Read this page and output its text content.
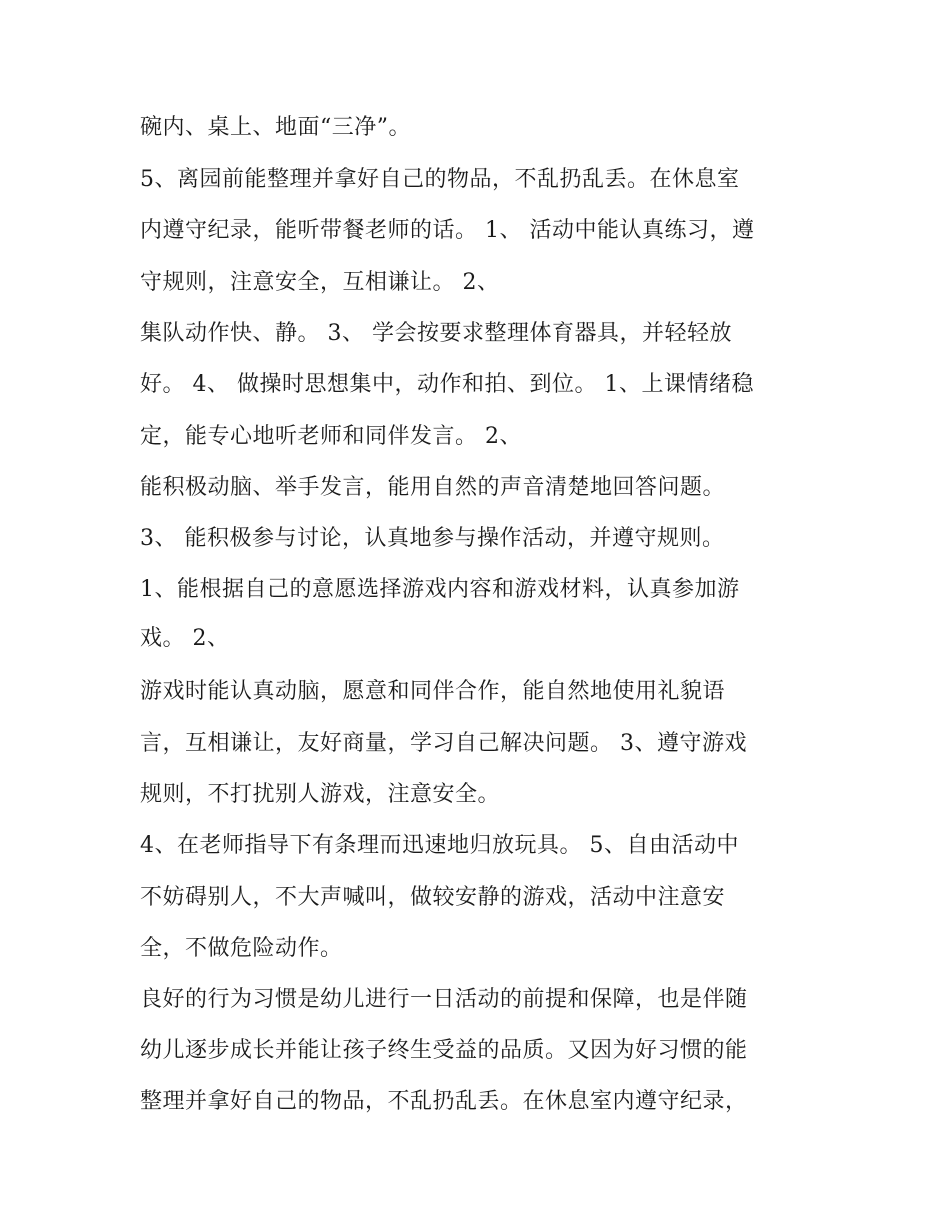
碗内、桌上、地面“三净”。
5、离园前能整理并拿好自己的物品，不乱扔乱丢。在休息室
内遵守纪录，能听带餐老师的话。 1、 活动中能认真练习，遵
守规则，注意安全，互相谦让。 2、
集队动作快、静。 3、 学会按要求整理体育器具，并轻轻放
好。 4、 做操时思想集中，动作和拍、到位。 1、上课情绪稳
定，能专心地听老师和同伴发言。 2、
能积极动脑、举手发言，能用自然的声音清楚地回答问题。
3、 能积极参与讨论，认真地参与操作活动，并遵守规则。
1、能根据自己的意愿选择游戏内容和游戏材料，认真参加游
戏。 2、
游戏时能认真动脑，愿意和同伴合作，能自然地使用礼貌语
言，互相谦让，友好商量，学习自己解决问题。 3、遵守游戏
规则，不打扰别人游戏，注意安全。
4、在老师指导下有条理而迅速地归放玩具。 5、自由活动中
不妨碍别人，不大声喊叫，做较安静的游戏，活动中注意安
全，不做危险动作。
良好的行为习惯是幼儿进行一日活动的前提和保障，也是伴随
幼儿逐步成长并能让孩子终生受益的品质。又因为好习惯的能
整理并拿好自己的物品，不乱扔乱丢。在休息室内遵守纪录，
